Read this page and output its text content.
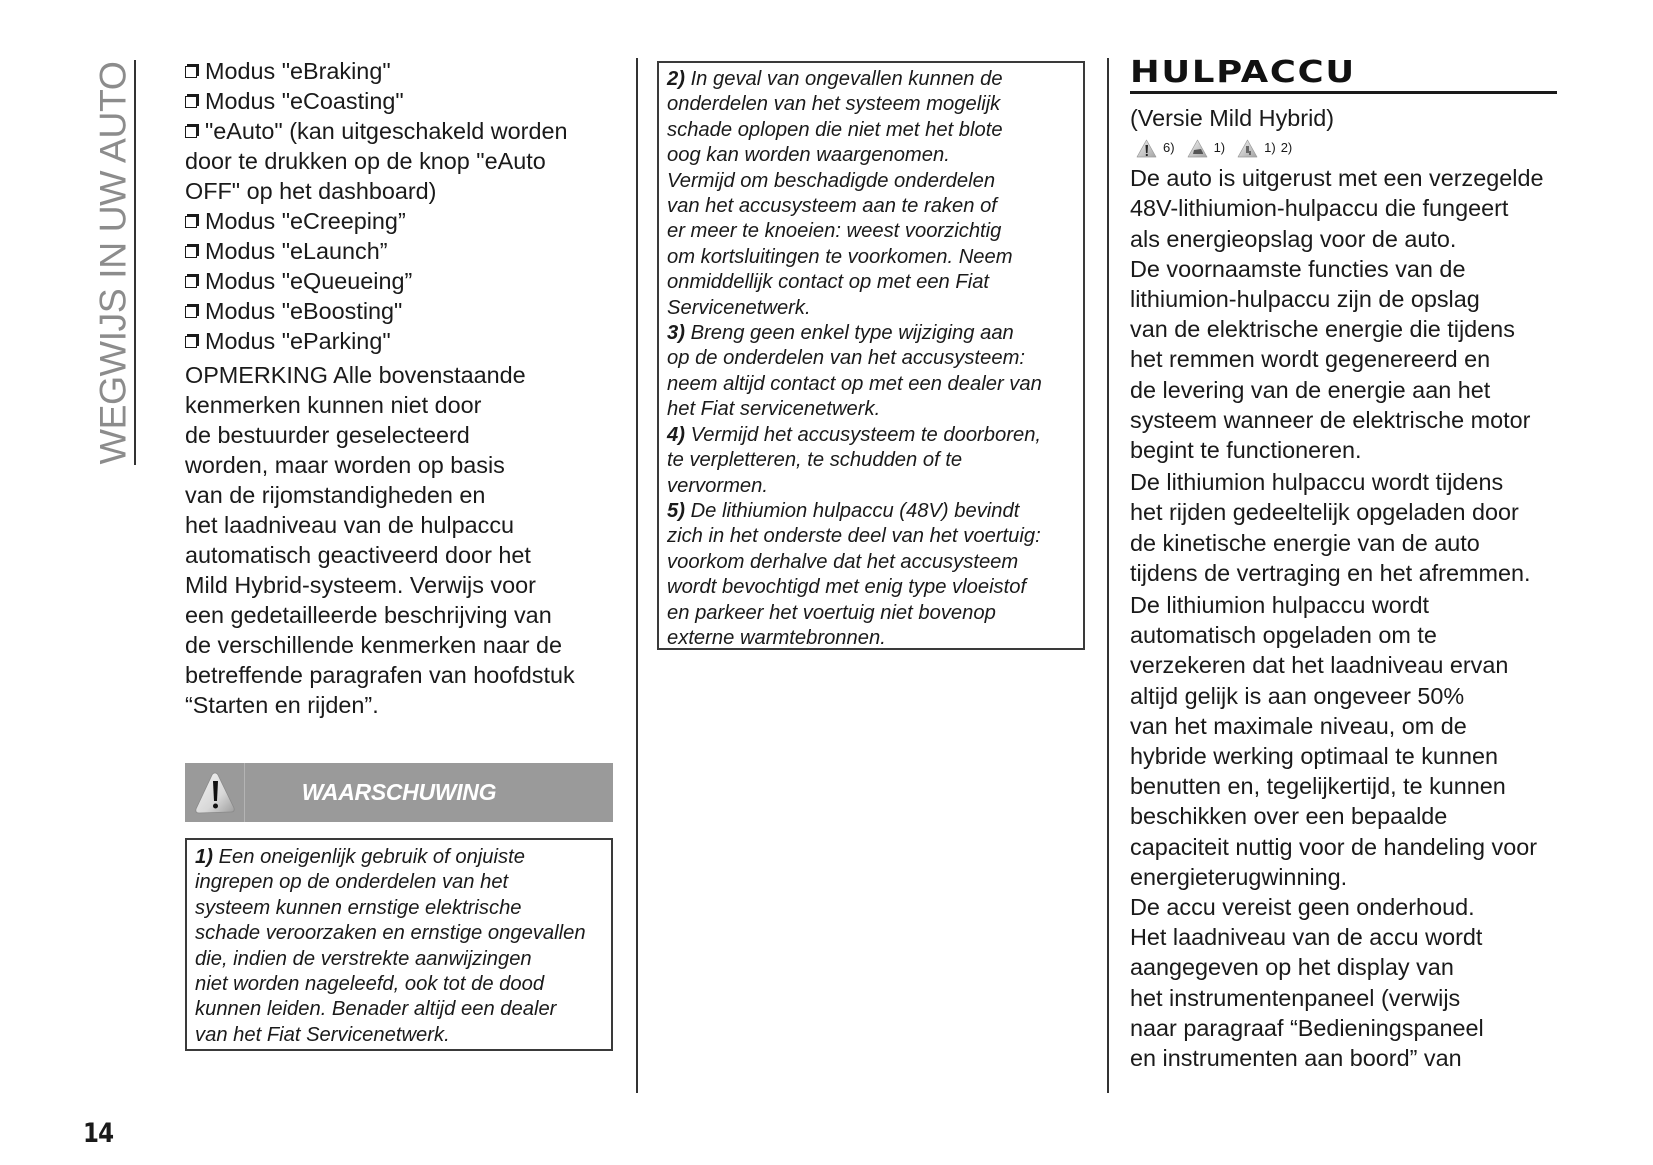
WEGWIJS IN UW AUTO	Modus "eBraking"
Modus "eCoasting"
"eAuto" (kan uitgeschakeld worden
door te drukken op de knop "eAuto
OFF" op het dashboard)
Modus "eCreeping”
Modus "eLaunch”
Modus "eQueueing”
Modus "eBoosting"
Modus "eParking"
OPMERKING Alle bovenstaande
kenmerken kunnen niet door
de bestuurder geselecteerd
worden, maar worden op basis
van de rijomstandigheden en
het laadniveau van de hulpaccu
automatisch geactiveerd door het
Mild Hybrid-systeem. Verwijs voor
een gedetailleerde beschrijving van
de verschillende kenmerken naar de
betreffende paragrafen van hoofdstuk
“Starten en rijden”.
WAARSCHUWING
1) Een oneigenlijk gebruik of onjuiste
ingrepen op de onderdelen van het
systeem kunnen ernstige elektrische
schade veroorzaken en ernstige ongevallen
die, indien de verstrekte aanwijzingen
niet worden nageleefd, ook tot de dood
kunnen leiden. Benader altijd een dealer
van het Fiat Servicenetwerk.
2) In geval van ongevallen kunnen de
onderdelen van het systeem mogelijk
schade oplopen die niet met het blote
oog kan worden waargenomen.
Vermijd om beschadigde onderdelen
van het accusysteem aan te raken of
er meer te knoeien: weest voorzichtig
om kortsluitingen te voorkomen. Neem
onmiddellijk contact op met een Fiat
Servicenetwerk.
3) Breng geen enkel type wijziging aan
op de onderdelen van het accusysteem:
neem altijd contact op met een dealer van
het Fiat servicenetwerk.
4) Vermijd het accusysteem te doorboren,
te verpletteren, te schudden of te
vervormen.
5) De lithiumion hulpaccu (48V) bevindt
zich in het onderste deel van het voertuig:
voorkom derhalve dat het accusysteem
wordt bevochtigd met enig type vloeistof
en parkeer het voertuig niet bovenop
externe warmtebronnen.
HULPACCU
(Versie Mild Hybrid)
6)	1)	1) 2)
De auto is uitgerust met een verzegelde
48V-lithiumion-hulpaccu die fungeert
als energieopslag voor de auto.
De voornaamste functies van de
lithiumion-hulpaccu zijn de opslag
van de elektrische energie die tijdens
het remmen wordt gegenereerd en
de levering van de energie aan het
systeem wanneer de elektrische motor
begint te functioneren.
De lithiumion hulpaccu wordt tijdens
het rijden gedeeltelijk opgeladen door
de kinetische energie van de auto
tijdens de vertraging en het afremmen.
De lithiumion hulpaccu wordt
automatisch opgeladen om te
verzekeren dat het laadniveau ervan
altijd gelijk is aan ongeveer 50%
van het maximale niveau, om de
hybride werking optimaal te kunnen
benutten en, tegelijkertijd, te kunnen
beschikken over een bepaalde
capaciteit nuttig voor de handeling voor
energieterugwinning.
De accu vereist geen onderhoud.
Het laadniveau van de accu wordt
aangegeven op het display van
het instrumentenpaneel (verwijs
naar paragraaf “Bedieningspaneel
en instrumenten aan boord” van
14
